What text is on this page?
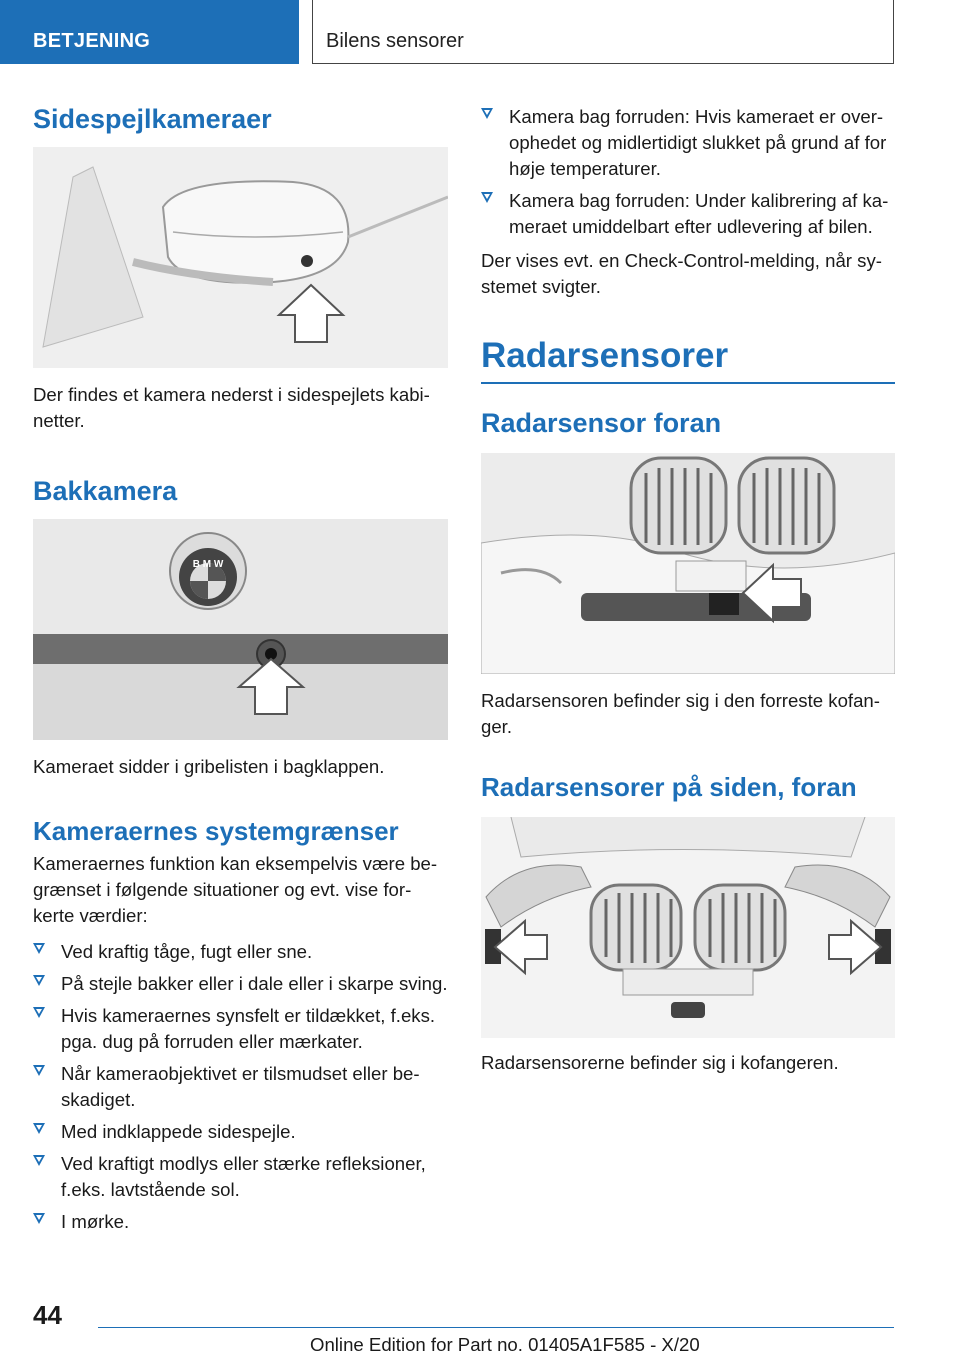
BETJENING	Bilens sensorer
Sidespejlkameraer

Der findes et kamera nederst i sidespejlets kabi-netter.

Bakkamera
B M W

Kameraet sidder i gribelisten i bagklappen.

Kameraernes systemgrænser

Kameraernes funktion kan eksempelvis være be-grænset i følgende situationer og evt. vise for-kerte værdier:

Ved kraftig tåge, fugt eller sne.
På stejle bakker eller i dale eller i skarpe sving.
Hvis kameraernes synsfelt er tildækket, f.eks. pga. dug på forruden eller mærkater.
Når kameraobjektivet er tilsmudset eller be-skadiget.
Med indklappede sidespejle.
Ved kraftigt modlys eller stærke refleksioner, f.eks. lavtstående sol.
I mørke.
Kamera bag forruden: Hvis kameraet er over-ophedet og midlertidigt slukket på grund af for høje temperaturer.
Kamera bag forruden: Under kalibrering af ka-meraet umiddelbart efter udlevering af bilen.

Der vises evt. en Check-Control-melding, når sy-stemet svigter.

Radarsensorer
Radarsensor foran

Radarsensoren befinder sig i den forreste kofan-ger.

Radarsensorer på siden, foran

Radarsensorerne befinder sig i kofangeren.

44
Online Edition for Part no. 01405A1F585 - X/20
